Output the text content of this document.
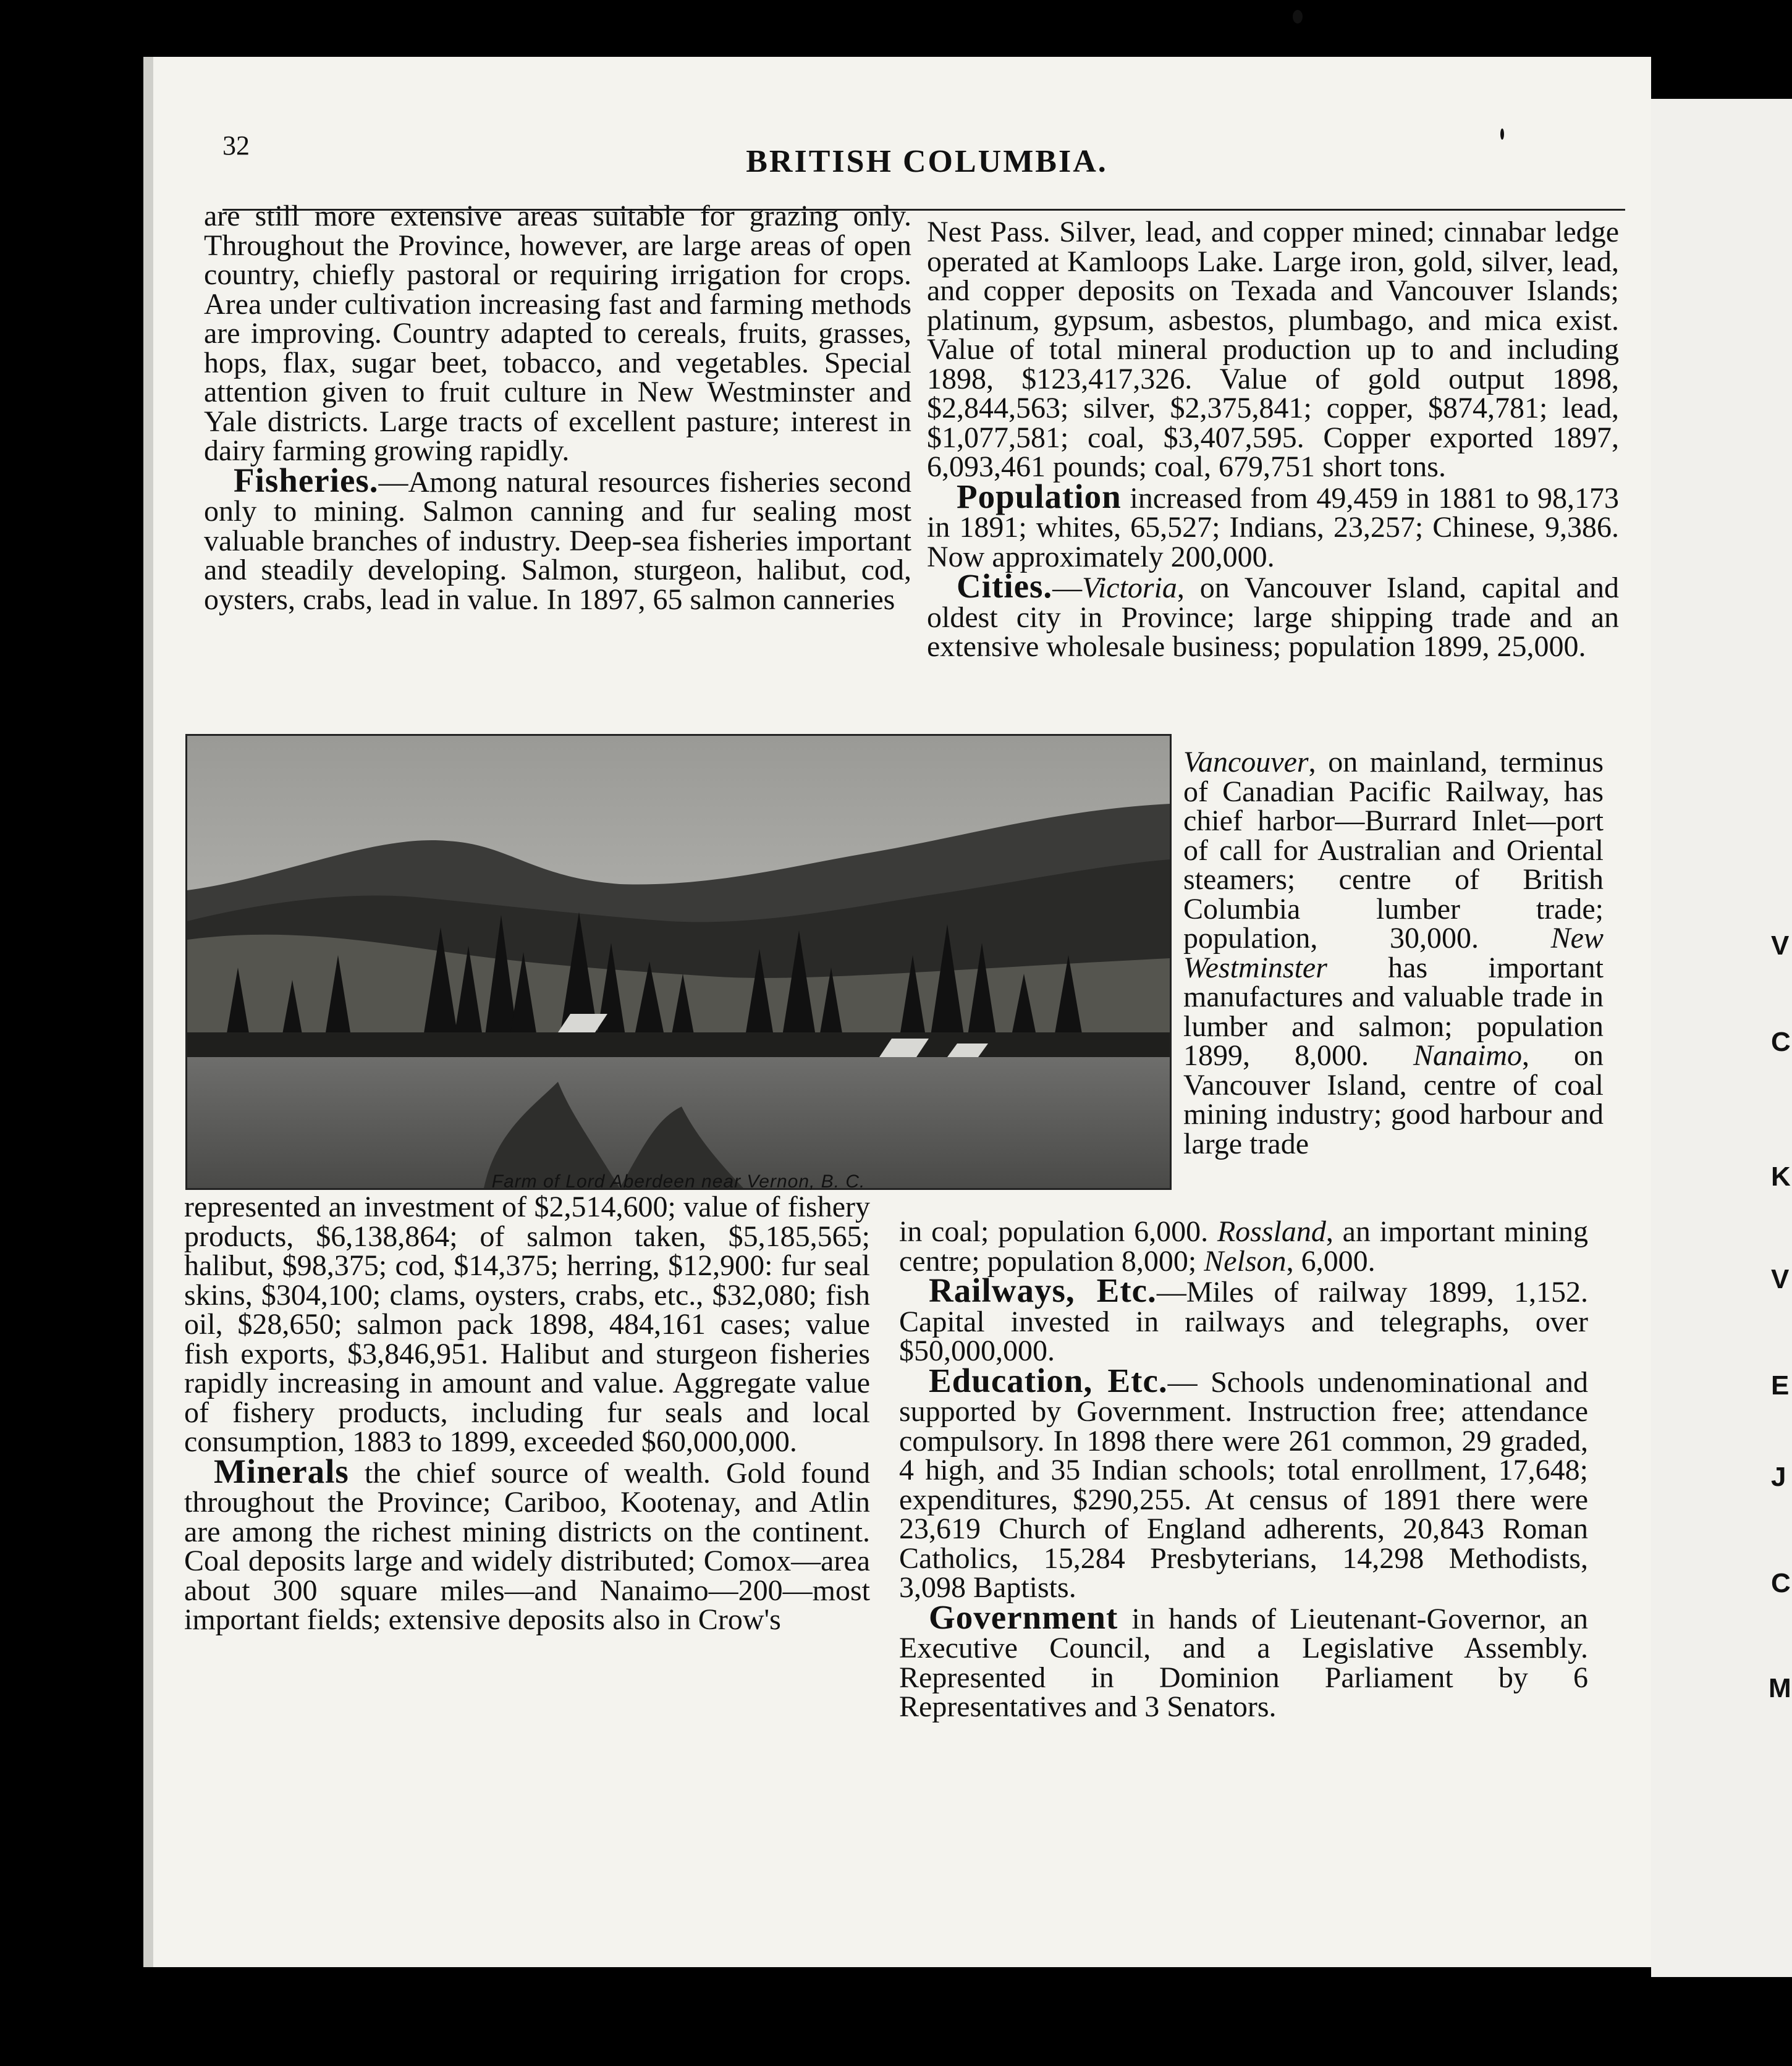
V
C
K
V
E
J
C
M
32	BRITISH COLUMBIA.

are still more extensive areas suitable for grazing only. Throughout the Province, however, are large areas of open country, chiefly pastoral or requiring irrigation for crops. Area under cultivation increasing fast and farming methods are improving. Country adapted to cereals, fruits, grasses, hops, flax, sugar beet, tobacco, and vegetables. Special attention given to fruit culture in New Westminster and Yale districts. Large tracts of excellent pasture; interest in dairy farming growing rapidly.

Fisheries.—Among natural resources fisheries second only to mining. Salmon canning and fur sealing most valuable branches of industry. Deep-sea fisheries important and steadily developing. Salmon, sturgeon, halibut, cod, oysters, crabs, lead in value. In 1897, 65 salmon canneries

Farm of Lord Aberdeen near Vernon, B. C.

Nest Pass. Silver, lead, and copper mined; cinnabar ledge operated at Kamloops Lake. Large iron, gold, silver, lead, and copper deposits on Texada and Vancouver Islands; platinum, gypsum, asbestos, plumbago, and mica exist. Value of total mineral production up to and including 1898, $123,417,326. Value of gold output 1898, $2,844,563; silver, $2,375,841; copper, $874,781; lead, $1,077,581; coal, $3,407,595. Copper exported 1897, 6,093,461 pounds; coal, 679,751 short tons.

Population increased from 49,459 in 1881 to 98,173 in 1891; whites, 65,527; Indians, 23,257; Chinese, 9,386. Now approximately 200,000.

Cities.—Victoria, on Vancouver Island, capital and oldest city in Province; large shipping trade and an extensive wholesale business; population 1899, 25,000.

Vancouver, on mainland, terminus of Canadian Pacific Railway, has chief harbor—Burrard Inlet—port of call for Australian and Oriental steamers; centre of British Columbia lumber trade; population, 30,000. New Westminster has important manufactures and valuable trade in lumber and salmon; population 1899, 8,000. Nanaimo, on Vancouver Island, centre of coal mining industry; good harbour and large trade

represented an investment of $2,514,600; value of fishery products, $6,138,864; of salmon taken, $5,185,565; halibut, $98,375; cod, $14,375; herring, $12,900: fur seal skins, $304,100; clams, oysters, crabs, etc., $32,080; fish oil, $28,650; salmon pack 1898, 484,161 cases; value fish exports, $3,846,951. Halibut and sturgeon fisheries rapidly increasing in amount and value. Aggregate value of fishery products, including fur seals and local consumption, 1883 to 1899, exceeded $60,000,000.

Minerals the chief source of wealth. Gold found throughout the Province; Cariboo, Kootenay, and Atlin are among the richest mining districts on the continent. Coal deposits large and widely distributed; Comox—area about 300 square miles—and Nanaimo—200—most important fields; extensive deposits also in Crow's

in coal; population 6,000. Rossland, an important mining centre; population 8,000; Nelson, 6,000.

Railways, Etc.—Miles of railway 1899, 1,152. Capital invested in railways and telegraphs, over $50,000,000.

Education, Etc.— Schools undenominational and supported by Government. Instruction free; attendance compulsory. In 1898 there were 261 common, 29 graded, 4 high, and 35 Indian schools; total enrollment, 17,648; expenditures, $290,255. At census of 1891 there were 23,619 Church of England adherents, 20,843 Roman Catholics, 15,284 Presbyterians, 14,298 Methodists, 3,098 Baptists.

Government in hands of Lieutenant-Governor, an Executive Council, and a Legislative Assembly. Represented in Dominion Parliament by 6 Representatives and 3 Senators.
